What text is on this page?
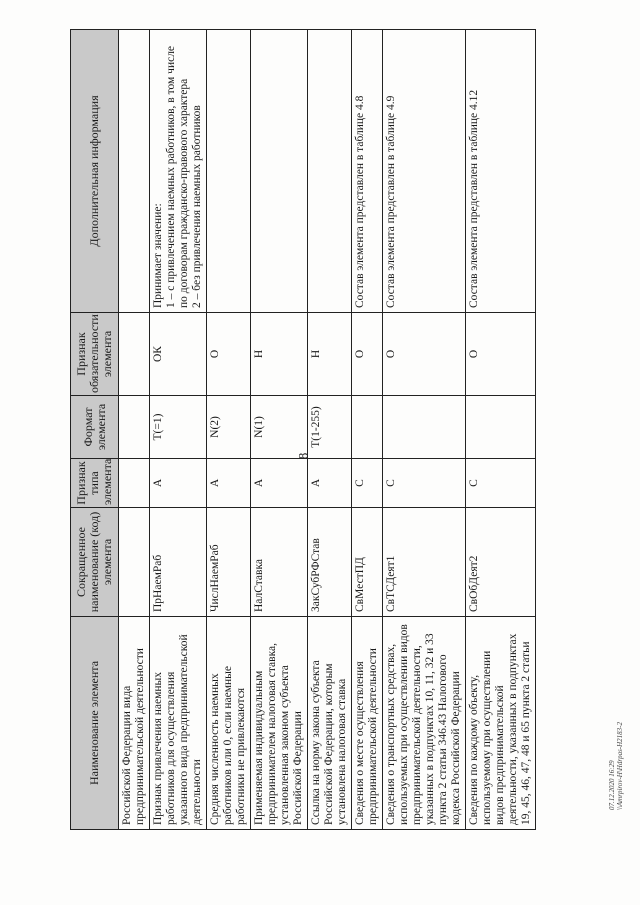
8
Наименование элемента	Сокращенное наименование (код) элемента	Признак типа элемента	Формат элемента	Признак обязательности элемента	Дополнительная информация
Российской Федерации вида предпринимательской деятельности					
Признак привлечения наемных работников для осуществления указанного вида предпринимательской деятельности	ПрНаемРаб	А	T(=1)	ОК	Принимает значение:
1 – с привлечением наемных работников, в том числе по договорам гражданско-правового характера
2 – без привлечения наемных работников
Средняя численность наемных работников или 0, если наемные работники не привлекаются	ЧислНаемРаб	А	N(2)	О	
Применяемая индивидуальным предпринимателем налоговая ставка, установленная законом субъекта Российской Федерации	НалСтавка	А	N(1)	Н	
Ссылка на норму закона субъекта Российской Федерации, которым установлена налоговая ставка	ЗакСубРФСтав	А	T(1-255)	Н	
Сведения о месте осуществления предпринимательской деятельности	СвМестПД	С		О	Состав элемента представлен в таблице 4.8
Сведения о транспортных средствах, используемых при осуществлении видов предпринимательской деятельности, указанных в подпунктах 10, 11, 32 и 33 пункта 2 статьи 346.43 Налогового кодекса Российской Федерации	СвТСДеят1	С		О	Состав элемента представлен в таблице 4.9
Сведения по каждому объекту, используемому при осуществлении видов предпринимательской деятельности, указанных в подпунктах 19, 45, 46, 47, 48 и 65 пункта 2 статьи	СвОбДеят2	С		О	Состав элемента представлен в таблице 4.12
07.12.2020 16:29 \\Amrpirov-H\Hdrpas-H2183-2
